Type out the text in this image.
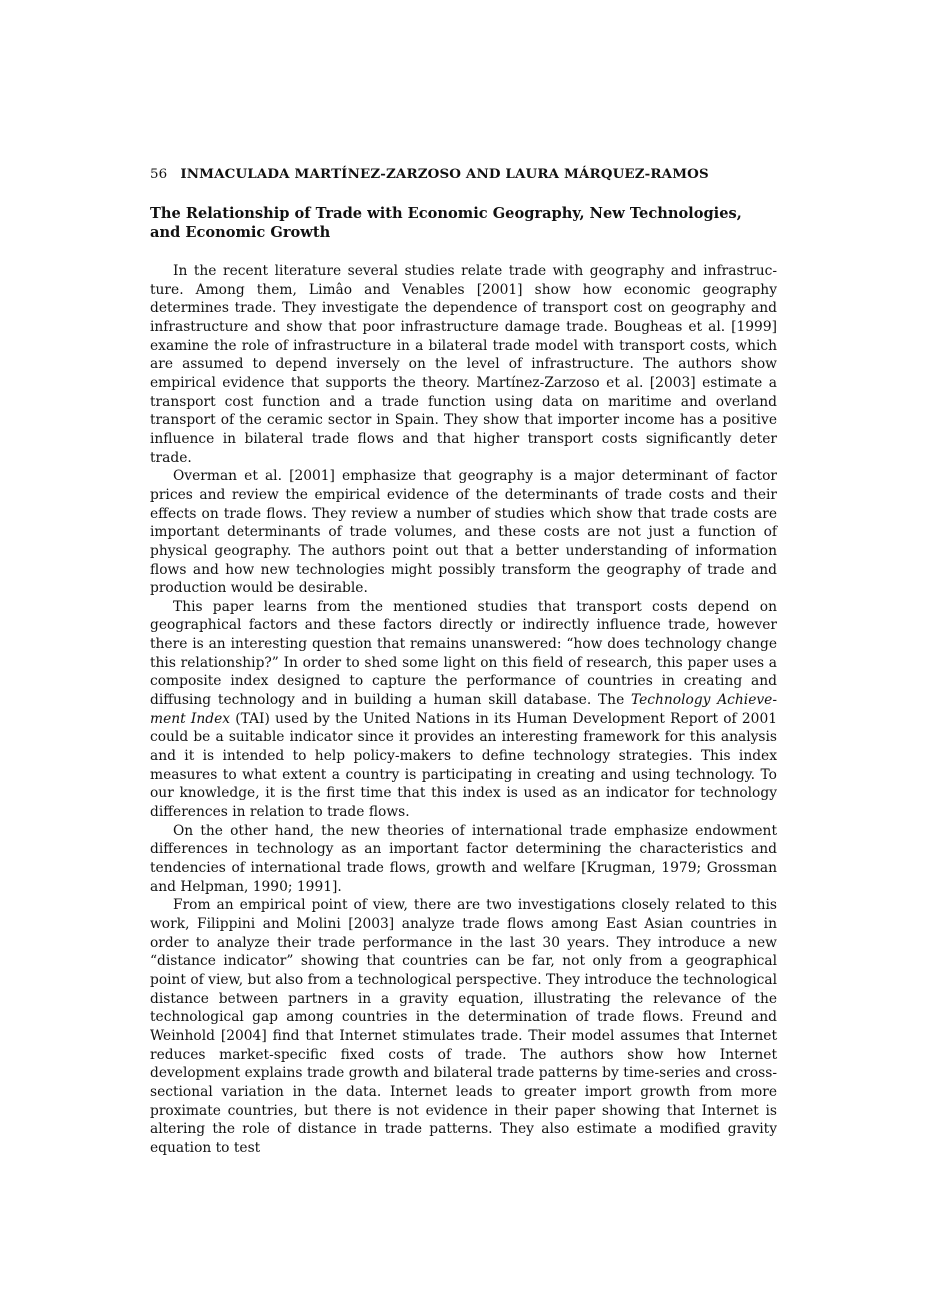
56 INMACULADA MARTÍNEZ-ZARZOSO AND LAURA MÁRQUEZ-RAMOS
The Relationship of Trade with Economic Geography, New Technologies, and Economic Growth

In the recent literature several studies relate trade with geography and infrastructure. Among them, Limâo and Venables [2001] show how economic geography determines trade. They investigate the dependence of transport cost on geography and infrastructure and show that poor infrastructure damage trade. Bougheas et al. [1999] examine the role of infrastructure in a bilateral trade model with transport costs, which are assumed to depend inversely on the level of infrastructure. The authors show empirical evidence that supports the theory. Martínez-Zarzoso et al. [2003] estimate a transport cost function and a trade function using data on maritime and overland transport of the ceramic sector in Spain. They show that importer income has a positive influence in bilateral trade flows and that higher transport costs significantly deter trade.

Overman et al. [2001] emphasize that geography is a major determinant of factor prices and review the empirical evidence of the determinants of trade costs and their effects on trade flows. They review a number of studies which show that trade costs are important determinants of trade volumes, and these costs are not just a function of physical geography. The authors point out that a better understanding of information flows and how new technologies might possibly transform the geography of trade and production would be desirable.

This paper learns from the mentioned studies that transport costs depend on geographical factors and these factors directly or indirectly influence trade, however there is an interesting question that remains unanswered: “how does technology change this relationship?” In order to shed some light on this field of research, this paper uses a composite index designed to capture the performance of countries in creating and diffusing technology and in building a human skill database. The Technology Achievement Index (TAI) used by the United Nations in its Human Development Report of 2001 could be a suitable indicator since it provides an interesting framework for this analysis and it is intended to help policy-makers to define technology strategies. This index measures to what extent a country is participating in creating and using technology. To our knowledge, it is the first time that this index is used as an indicator for technology differences in relation to trade flows.

On the other hand, the new theories of international trade emphasize endowment differences in technology as an important factor determining the characteristics and tendencies of international trade flows, growth and welfare [Krugman, 1979; Grossman and Helpman, 1990; 1991].

From an empirical point of view, there are two investigations closely related to this work, Filippini and Molini [2003] analyze trade flows among East Asian countries in order to analyze their trade performance in the last 30 years. They introduce a new “distance indicator” showing that countries can be far, not only from a geographical point of view, but also from a technological perspective. They introduce the technological distance between partners in a gravity equation, illustrating the relevance of the technological gap among countries in the determination of trade flows. Freund and Weinhold [2004] find that Internet stimulates trade. Their model assumes that Internet reduces market-specific fixed costs of trade. The authors show how Internet development explains trade growth and bilateral trade patterns by time-series and cross-sectional variation in the data. Internet leads to greater import growth from more proximate countries, but there is not evidence in their paper showing that Internet is altering the role of distance in trade patterns. They also estimate a modified gravity equation to test
